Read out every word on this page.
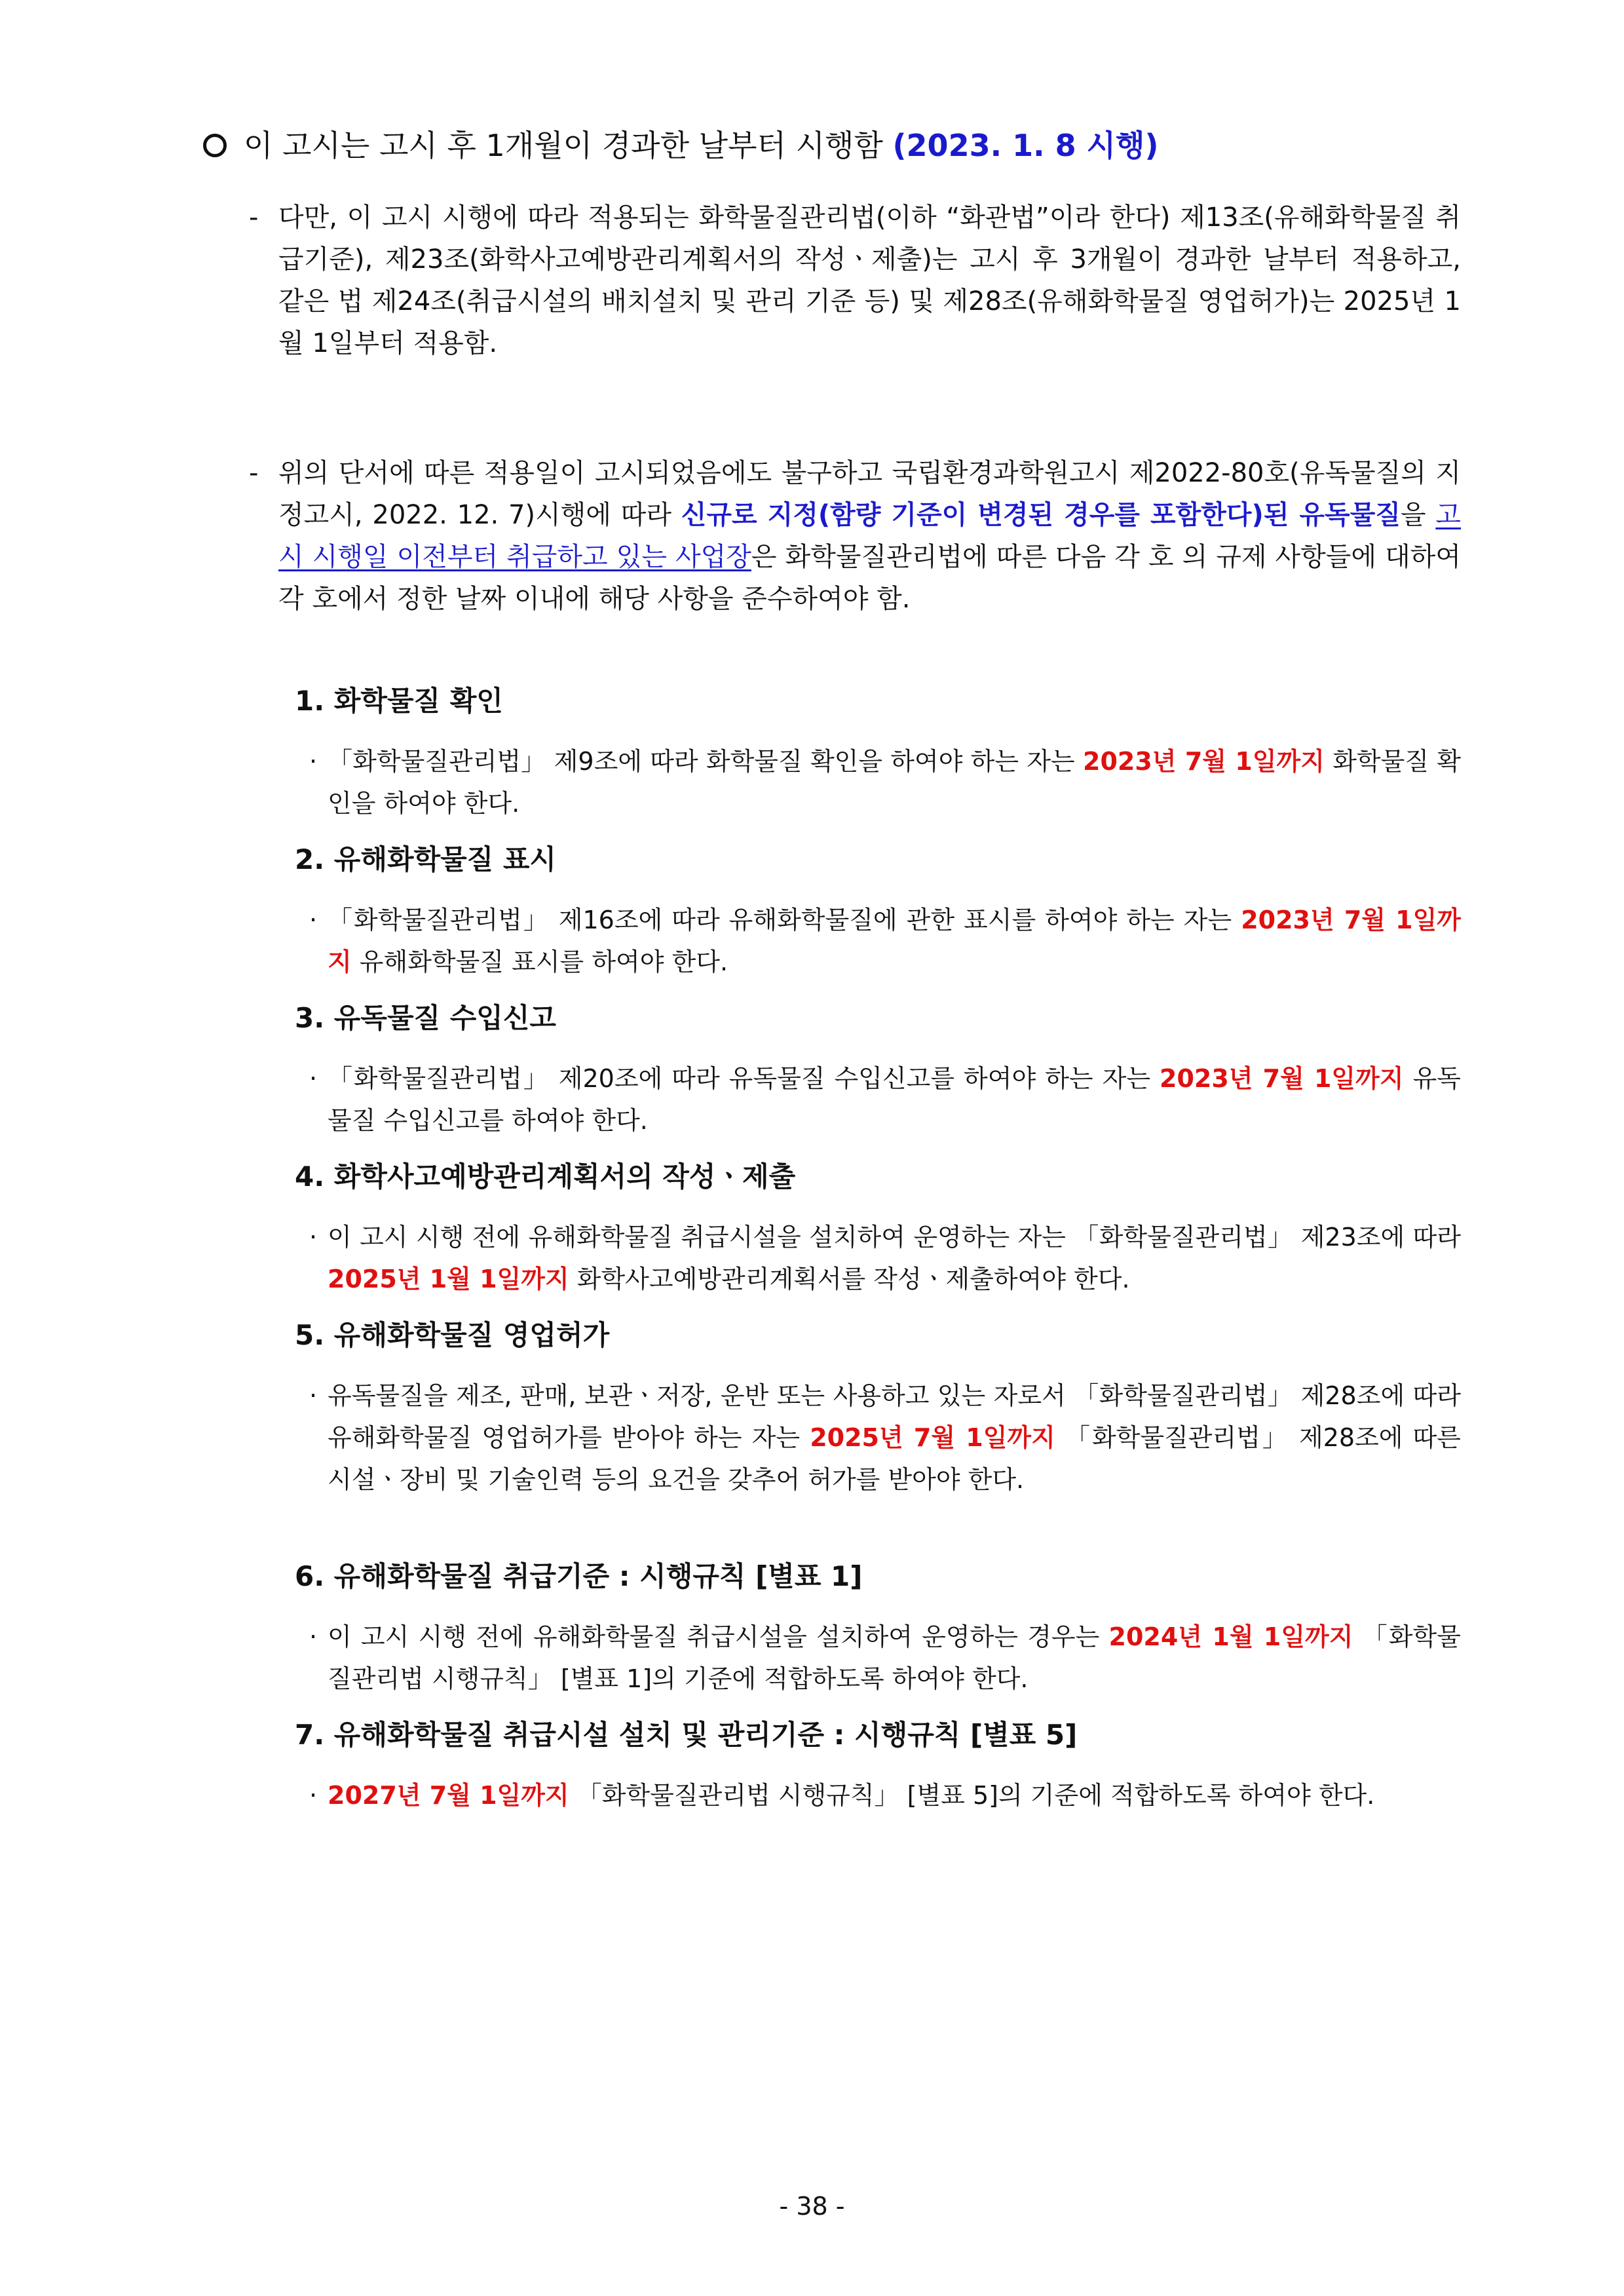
이 고시는 고시 후 1개월이 경과한 날부터 시행함 (2023. 1. 8 시행)
- 다만, 이 고시 시행에 따라 적용되는 화학물질관리법(이하 “화관법”이라 한다) 제13조(유해화학물질 취급기준), 제23조(화학사고예방관리계획서의 작성ㆍ제출)는 고시 후 3개월이 경과한 날부터 적용하고, 같은 법 제24조(취급시설의 배치설치 및 관리 기준 등) 및 제28조(유해화학물질 영업허가)는 2025년 1월 1일부터 적용함.
- 위의 단서에 따른 적용일이 고시되었음에도 불구하고 국립환경과학원고시 제2022-80호(유독물질의 지정고시, 2022. 12. 7)시행에 따라 신규로 지정(함량 기준이 변경된 경우를 포함한다)된 유독물질을 고시 시행일 이전부터 취급하고 있는 사업장은 화학물질관리법에 따른 다음 각 호 의 규제 사항들에 대하여 각 호에서 정한 날짜 이내에 해당 사항을 준수하여야 함.
1. 화학물질 확인
· 「화학물질관리법」 제9조에 따라 화학물질 확인을 하여야 하는 자는 2023년 7월 1일까지 화학물질 확인을 하여야 한다.
2. 유해화학물질 표시
· 「화학물질관리법」 제16조에 따라 유해화학물질에 관한 표시를 하여야 하는 자는 2023년 7월 1일까지 유해화학물질 표시를 하여야 한다.
3. 유독물질 수입신고
· 「화학물질관리법」 제20조에 따라 유독물질 수입신고를 하여야 하는 자는 2023년 7월 1일까지 유독물질 수입신고를 하여야 한다.
4. 화학사고예방관리계획서의 작성ㆍ제출
· 이 고시 시행 전에 유해화학물질 취급시설을 설치하여 운영하는 자는 「화학물질관리법」 제23조에 따라 2025년 1월 1일까지 화학사고예방관리계획서를 작성ㆍ제출하여야 한다.
5. 유해화학물질 영업허가
· 유독물질을 제조, 판매, 보관ㆍ저장, 운반 또는 사용하고 있는 자로서 「화학물질관리법」 제28조에 따라 유해화학물질 영업허가를 받아야 하는 자는 2025년 7월 1일까지 「화학물질관리법」 제28조에 따른 시설ㆍ장비 및 기술인력 등의 요건을 갖추어 허가를 받아야 한다.
6. 유해화학물질 취급기준 : 시행규칙 [별표 1]
· 이 고시 시행 전에 유해화학물질 취급시설을 설치하여 운영하는 경우는 2024년 1월 1일까지 「화학물질관리법 시행규칙」 [별표 1]의 기준에 적합하도록 하여야 한다.
7. 유해화학물질 취급시설 설치 및 관리기준 : 시행규칙 [별표 5]
· 2027년 7월 1일까지 「화학물질관리법 시행규칙」 [별표 5]의 기준에 적합하도록 하여야 한다.
- 38 -
